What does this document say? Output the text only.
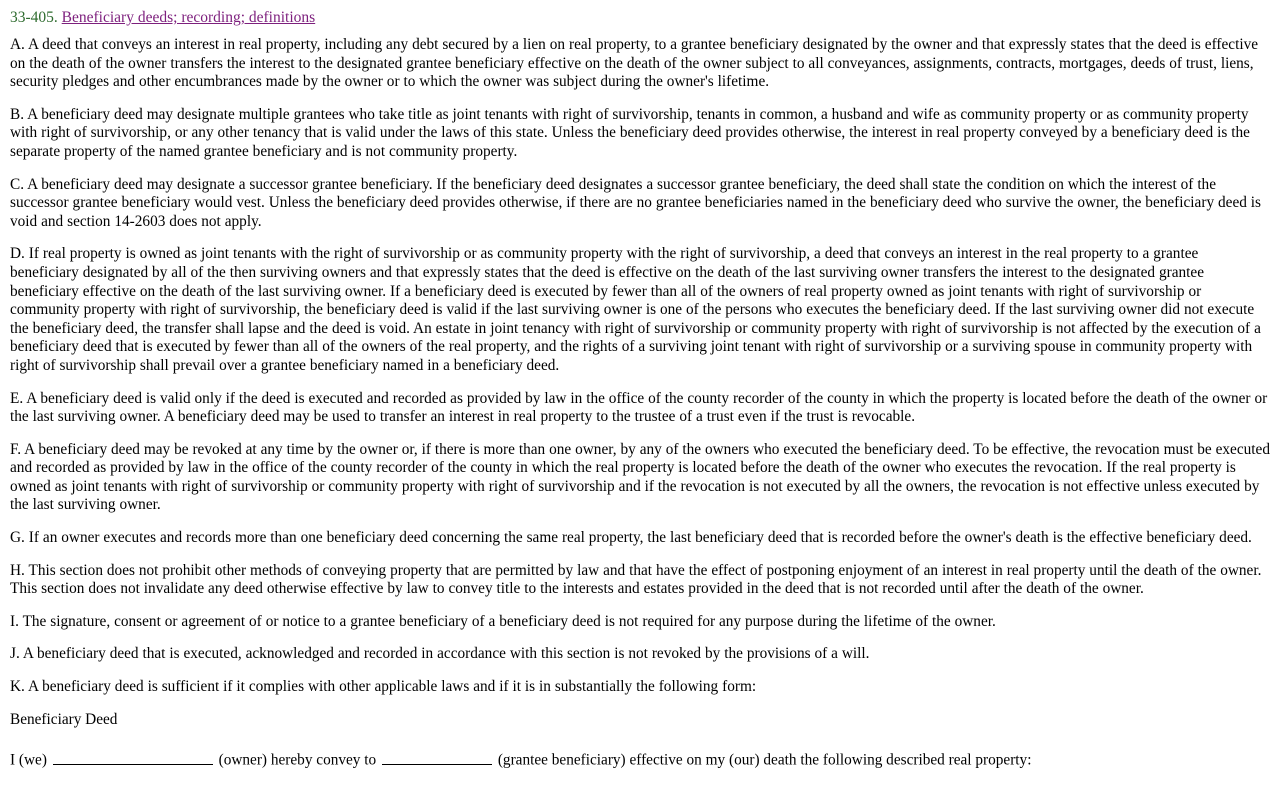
33-405. Beneficiary deeds; recording; definitions

A. A deed that conveys an interest in real property, including any debt secured by a lien on real property, to a grantee beneficiary designated by the owner and that expressly states that the deed is effective on the death of the owner transfers the interest to the designated grantee beneficiary effective on the death of the owner subject to all conveyances, assignments, contracts, mortgages, deeds of trust, liens, security pledges and other encumbrances made by the owner or to which the owner was subject during the owner's lifetime.

B. A beneficiary deed may designate multiple grantees who take title as joint tenants with right of survivorship, tenants in common, a husband and wife as community property or as community property with right of survivorship, or any other tenancy that is valid under the laws of this state. Unless the beneficiary deed provides otherwise, the interest in real property conveyed by a beneficiary deed is the separate property of the named grantee beneficiary and is not community property.

C. A beneficiary deed may designate a successor grantee beneficiary. If the beneficiary deed designates a successor grantee beneficiary, the deed shall state the condition on which the interest of the successor grantee beneficiary would vest. Unless the beneficiary deed provides otherwise, if there are no grantee beneficiaries named in the beneficiary deed who survive the owner, the beneficiary deed is void and section 14-2603 does not apply.

D. If real property is owned as joint tenants with the right of survivorship or as community property with the right of survivorship, a deed that conveys an interest in the real property to a grantee beneficiary designated by all of the then surviving owners and that expressly states that the deed is effective on the death of the last surviving owner transfers the interest to the designated grantee beneficiary effective on the death of the last surviving owner. If a beneficiary deed is executed by fewer than all of the owners of real property owned as joint tenants with right of survivorship or community property with right of survivorship, the beneficiary deed is valid if the last surviving owner is one of the persons who executes the beneficiary deed. If the last surviving owner did not execute the beneficiary deed, the transfer shall lapse and the deed is void. An estate in joint tenancy with right of survivorship or community property with right of survivorship is not affected by the execution of a beneficiary deed that is executed by fewer than all of the owners of the real property, and the rights of a surviving joint tenant with right of survivorship or a surviving spouse in community property with right of survivorship shall prevail over a grantee beneficiary named in a beneficiary deed.

E. A beneficiary deed is valid only if the deed is executed and recorded as provided by law in the office of the county recorder of the county in which the property is located before the death of the owner or the last surviving owner. A beneficiary deed may be used to transfer an interest in real property to the trustee of a trust even if the trust is revocable.

F. A beneficiary deed may be revoked at any time by the owner or, if there is more than one owner, by any of the owners who executed the beneficiary deed. To be effective, the revocation must be executed and recorded as provided by law in the office of the county recorder of the county in which the real property is located before the death of the owner who executes the revocation. If the real property is owned as joint tenants with right of survivorship or community property with right of survivorship and if the revocation is not executed by all the owners, the revocation is not effective unless executed by the last surviving owner.

G. If an owner executes and records more than one beneficiary deed concerning the same real property, the last beneficiary deed that is recorded before the owner's death is the effective beneficiary deed.

H. This section does not prohibit other methods of conveying property that are permitted by law and that have the effect of postponing enjoyment of an interest in real property until the death of the owner. This section does not invalidate any deed otherwise effective by law to convey title to the interests and estates provided in the deed that is not recorded until after the death of the owner.

I. The signature, consent or agreement of or notice to a grantee beneficiary of a beneficiary deed is not required for any purpose during the lifetime of the owner.

J. A beneficiary deed that is executed, acknowledged and recorded in accordance with this section is not revoked by the provisions of a will.

K. A beneficiary deed is sufficient if it complies with other applicable laws and if it is in substantially the following form:

Beneficiary Deed

I (we)	(owner) hereby convey to	(grantee beneficiary) effective on my (our) death the following described real property:
